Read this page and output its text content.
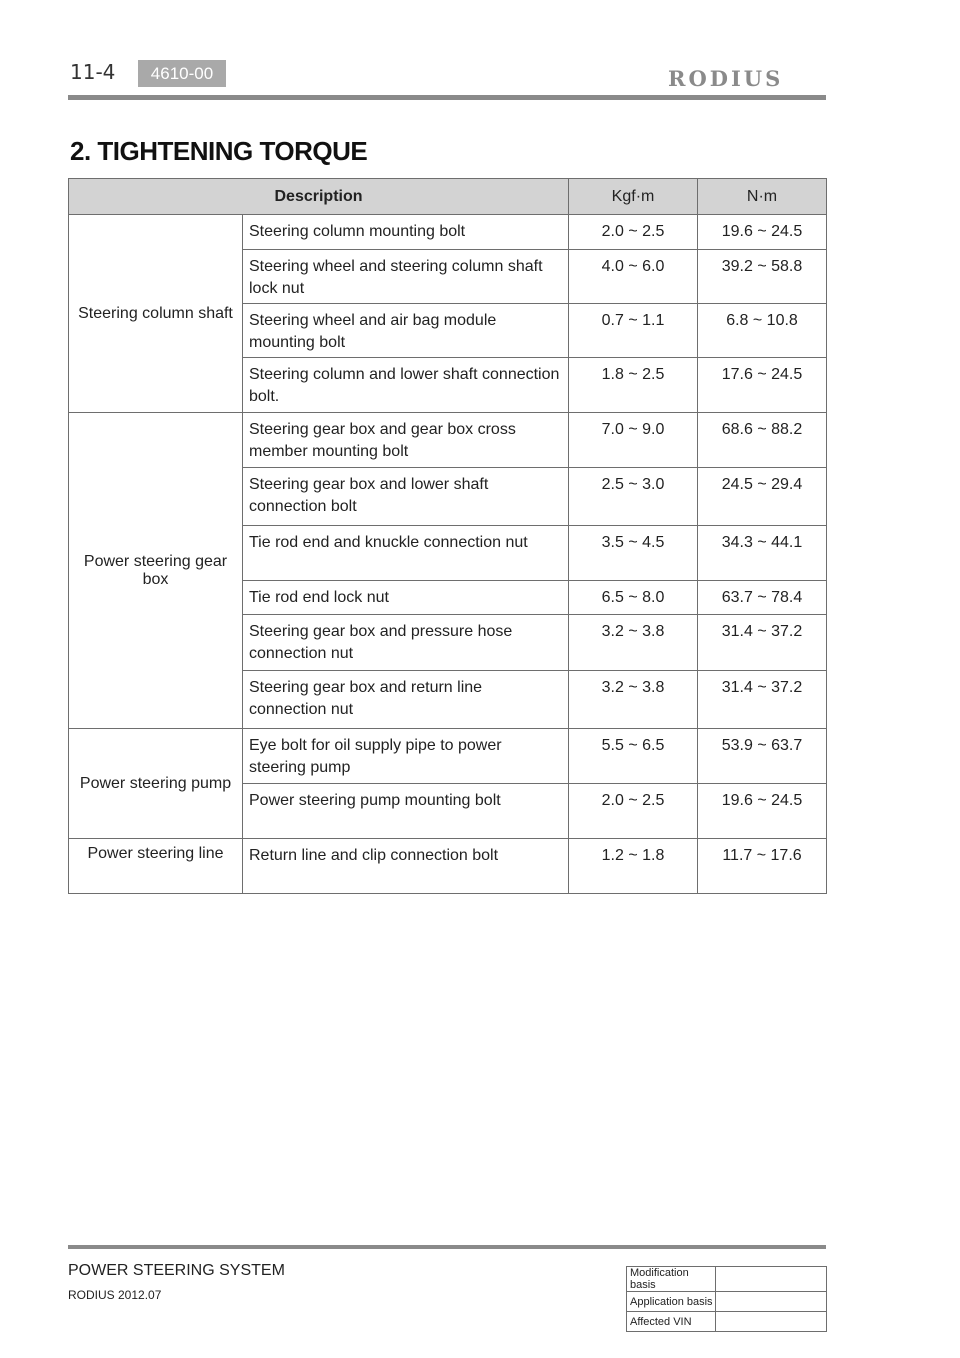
11-4	4610-00	RODIUS
2. TIGHTENING TORQUE
Description		Kgf·m	N·m
Steering column shaft	Steering column mounting bolt	2.0 ~ 2.5	19.6 ~ 24.5
	Steering wheel and steering column shaft lock nut	4.0 ~ 6.0	39.2 ~ 58.8
	Steering wheel and air bag module mounting bolt	0.7 ~ 1.1	6.8 ~ 10.8
	Steering column and lower shaft connection bolt.	1.8 ~ 2.5	17.6 ~ 24.5
Power steering gear box	Steering gear box and gear box cross member mounting bolt	7.0 ~ 9.0	68.6 ~ 88.2
	Steering gear box and lower shaft connection bolt	2.5 ~ 3.0	24.5 ~ 29.4
	Tie rod end and knuckle connection nut	3.5 ~ 4.5	34.3 ~ 44.1
	Tie rod end lock nut	6.5 ~ 8.0	63.7 ~ 78.4
	Steering gear box and pressure hose connection nut	3.2 ~ 3.8	31.4 ~ 37.2
	Steering gear box and return line connection nut	3.2 ~ 3.8	31.4 ~ 37.2
Power steering pump	Eye bolt for oil supply pipe to power steering pump	5.5 ~ 6.5	53.9 ~ 63.7
	Power steering pump mounting bolt	2.0 ~ 2.5	19.6 ~ 24.5
Power steering line	Return line and clip connection bolt	1.2 ~ 1.8	11.7 ~ 17.6
POWER STEERING SYSTEM
RODIUS 2012.07
Modification basis	
Application basis	
Affected VIN	
